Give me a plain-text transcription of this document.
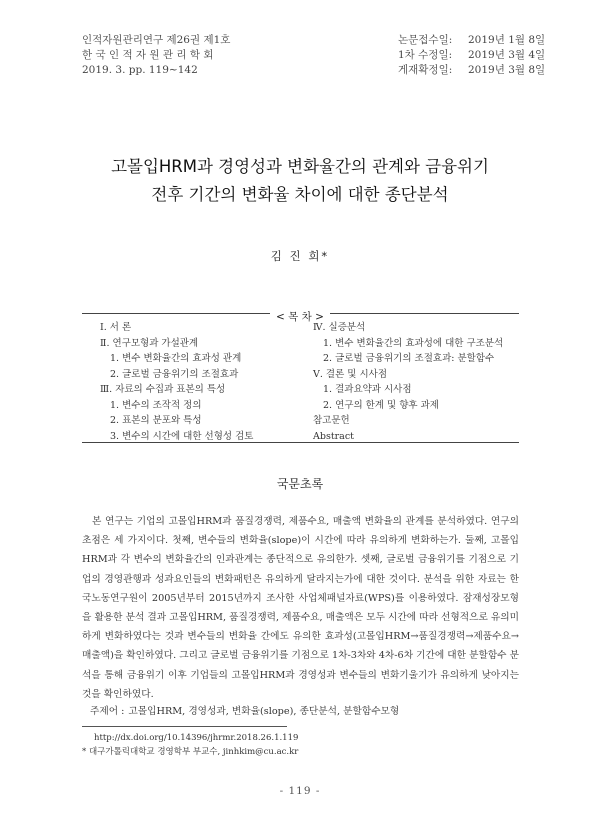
인적자원관리연구 제26권 제1호
한 국 인 적 자 원 관 리 학 회
2019. 3. pp. 119∼142
논문접수일:	2019년 1월 8일
1차 수정일:	2019년 3월 4일
게재확정일:	2019년 3월 8일
고몰입HRM과 경영성과 변화율간의 관계와 금융위기
전후 기간의 변화율 차이에 대한 종단분석
김 진 희*
< 목 차 >
Ⅰ. 서 론
Ⅱ. 연구모형과 가설관계
1. 변수 변화율간의 효과성 관계
2. 글로벌 금융위기의 조절효과
Ⅲ. 자료의 수집과 표본의 특성
1. 변수의 조작적 정의
2. 표본의 분포와 특성
3. 변수의 시간에 대한 선형성 검토
Ⅳ. 실증분석
1. 변수 변화율간의 효과성에 대한 구조분석
2. 글로벌 금융위기의 조절효과: 분할함수
Ⅴ. 결론 및 시사점
1. 결과요약과 시사점
2. 연구의 한계 및 향후 과제
참고문헌
Abstract
국문초록
본 연구는 기업의 고몰입HRM과 품질경쟁력, 제품수요, 매출액 변화율의 관계를 분석하였다. 연구의 초점은 세 가지이다. 첫째, 변수들의 변화율(slope)이 시간에 따라 유의하게 변화하는가. 둘째, 고몰입HRM과 각 변수의 변화율간의 인과관계는 종단적으로 유의한가. 셋째, 글로벌 금융위기를 기점으로 기업의 경영관행과 성과요인들의 변화패턴은 유의하게 달라지는가에 대한 것이다. 분석을 위한 자료는 한국노동연구원이 2005년부터 2015년까지 조사한 사업체패널자료(WPS)를 이용하였다. 잠재성장모형을 활용한 분석 결과 고몰입HRM, 품질경쟁력, 제품수요, 매출액은 모두 시간에 따라 선형적으로 유의미하게 변화하였다는 것과 변수들의 변화율 간에도 유의한 효과성(고몰입HRM→품질경쟁력→제품수요→매출액)을 확인하였다. 그리고 글로벌 금융위기를 기점으로 1차-3차와 4차-6차 기간에 대한 분할함수 분석을 통해 금융위기 이후 기업들의 고몰입HRM과 경영성과 변수들의 변화기울기가 유의하게 낮아지는 것을 확인하였다.
주제어 : 고몰입HRM, 경영성과, 변화율(slope), 종단분석, 분할함수모형
http://dx.doi.org/10.14396/jhrmr.2018.26.1.119
* 대구가톨릭대학교 경영학부 부교수, jinhkim@cu.ac.kr
- 119 -
